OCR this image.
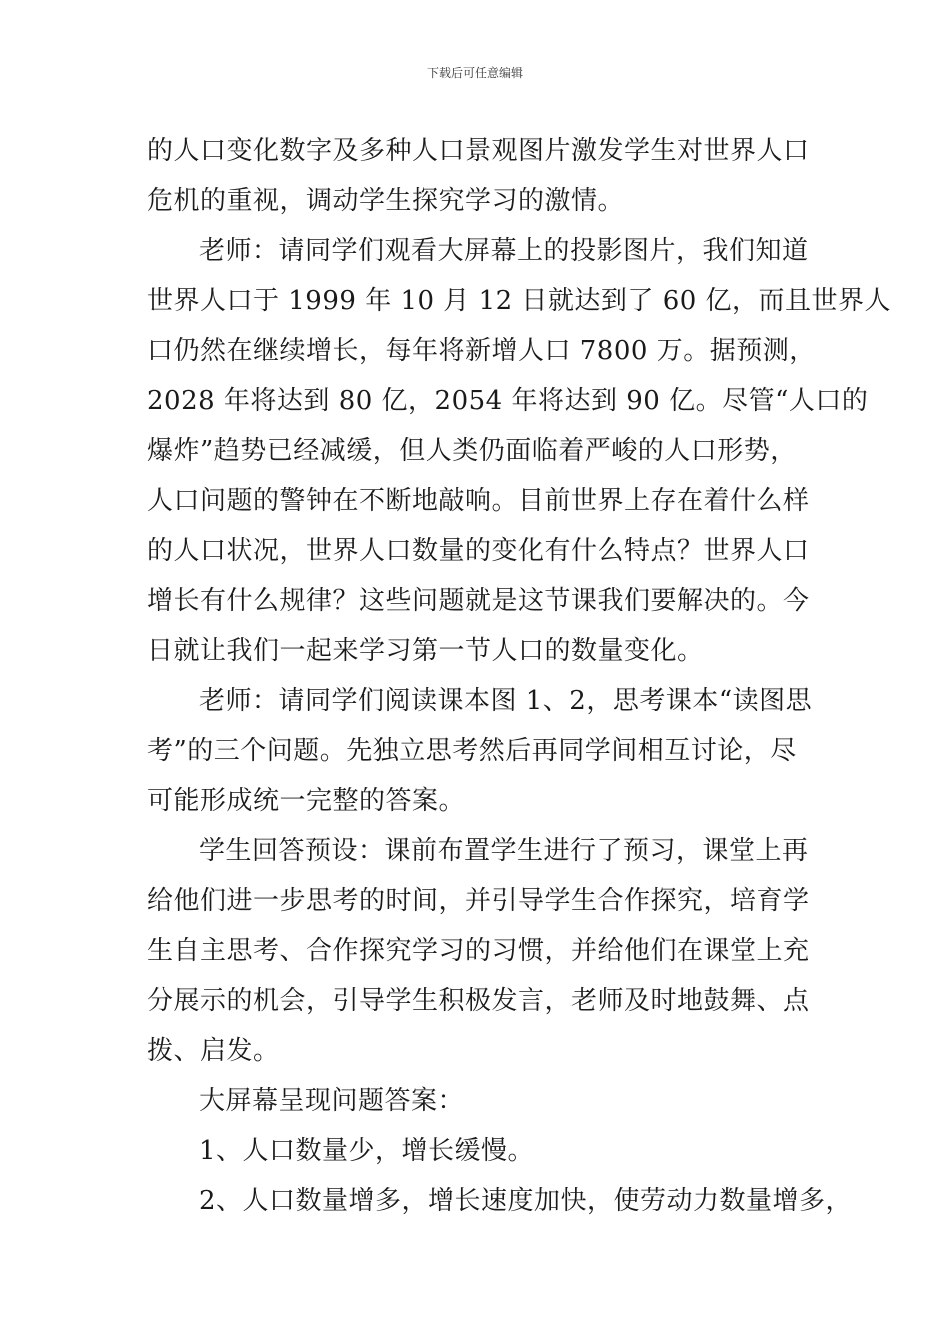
下载后可任意编辑
的人口变化数字及多种人口景观图片激发学生对世界人口
危机的重视，调动学生探究学习的激情。
老师：请同学们观看大屏幕上的投影图片，我们知道
世界人口于 1999 年 10 月 12 日就达到了 60 亿，而且世界人
口仍然在继续增长，每年将新增人口 7800 万。据预测，
2028 年将达到 80 亿，2054 年将达到 90 亿。尽管“人口的
爆炸”趋势已经减缓，但人类仍面临着严峻的人口形势，
人口问题的警钟在不断地敲响。目前世界上存在着什么样
的人口状况，世界人口数量的变化有什么特点？世界人口
增长有什么规律？这些问题就是这节课我们要解决的。今
日就让我们一起来学习第一节人口的数量变化。
老师：请同学们阅读课本图 1、2，思考课本“读图思
考”的三个问题。先独立思考然后再同学间相互讨论，尽
可能形成统一完整的答案。
学生回答预设：课前布置学生进行了预习，课堂上再
给他们进一步思考的时间，并引导学生合作探究，培育学
生自主思考、合作探究学习的习惯，并给他们在课堂上充
分展示的机会，引导学生积极发言，老师及时地鼓舞、点
拨、启发。
大屏幕呈现问题答案：
1、人口数量少，增长缓慢。
2、人口数量增多，增长速度加快，使劳动力数量增多，
